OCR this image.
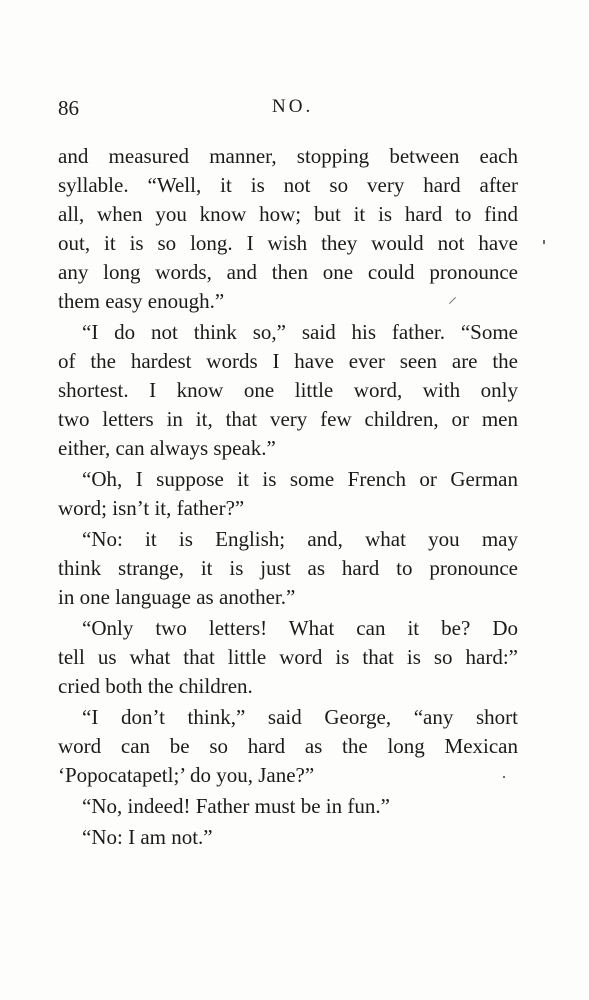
86	NO.
and measured manner, stopping between each
syllable. “Well, it is not so very hard after
all, when you know how; but it is hard to find
out, it is so long. I wish they would not have
any long words, and then one could pronounce
them easy enough.”
“I do not think so,” said his father. “Some
of the hardest words I have ever seen are the
shortest. I know one little word, with only
two letters in it, that very few children, or men
either, can always speak.”
“Oh, I suppose it is some French or German
word; isn’t it, father?”
“No: it is English; and, what you may
think strange, it is just as hard to pronounce
in one language as another.”
“Only two letters! What can it be? Do
tell us what that little word is that is so hard:”
cried both the children.
“I don’t think,” said George, “any short
word can be so hard as the long Mexican
‘Popocatapetl;’ do you, Jane?”
“No, indeed! Father must be in fun.”
“No: I am not.”
